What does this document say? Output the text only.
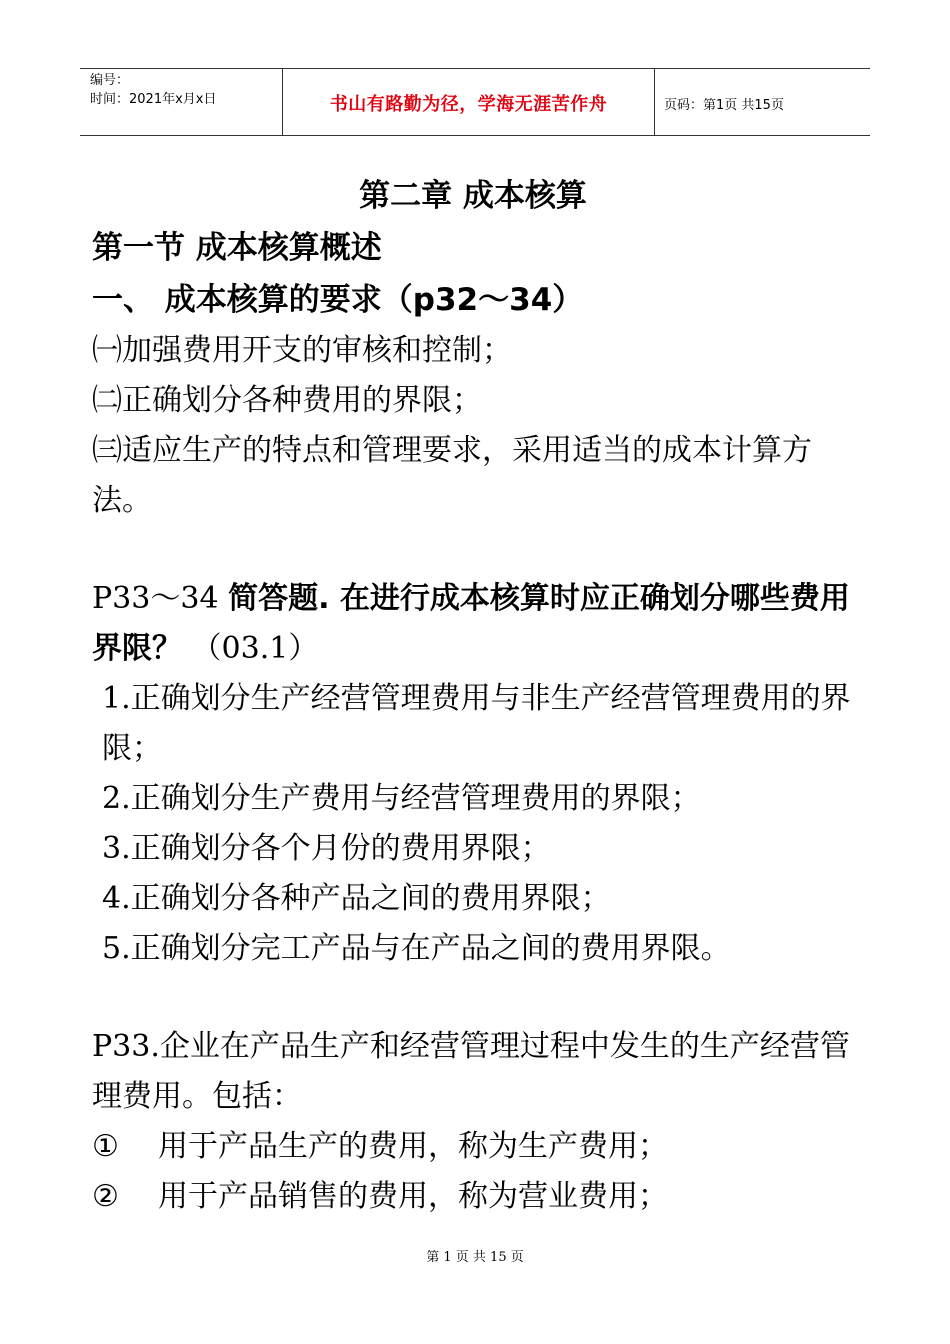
编号：
时间：2021年x月x日	书山有路勤为径，学海无涯苦作舟	页码：第1页 共15页
第二章 成本核算
第一节 成本核算概述
一、 成本核算的要求（p32～34）
㈠加强费用开支的审核和控制；
㈡正确划分各种费用的界限；
㈢适应生产的特点和管理要求，采用适当的成本计算方法。
P33～34 简答题. 在进行成本核算时应正确划分哪些费用界限？ （03.1）
1.正确划分生产经营管理费用与非生产经营管理费用的界限；
2.正确划分生产费用与经营管理费用的界限；
3.正确划分各个月份的费用界限；
4.正确划分各种产品之间的费用界限；
5.正确划分完工产品与在产品之间的费用界限。
P33.企业在产品生产和经营管理过程中发生的生产经营管理费用。包括：
① 用于产品生产的费用，称为生产费用；
② 用于产品销售的费用，称为营业费用；
第 1 页 共 15 页
